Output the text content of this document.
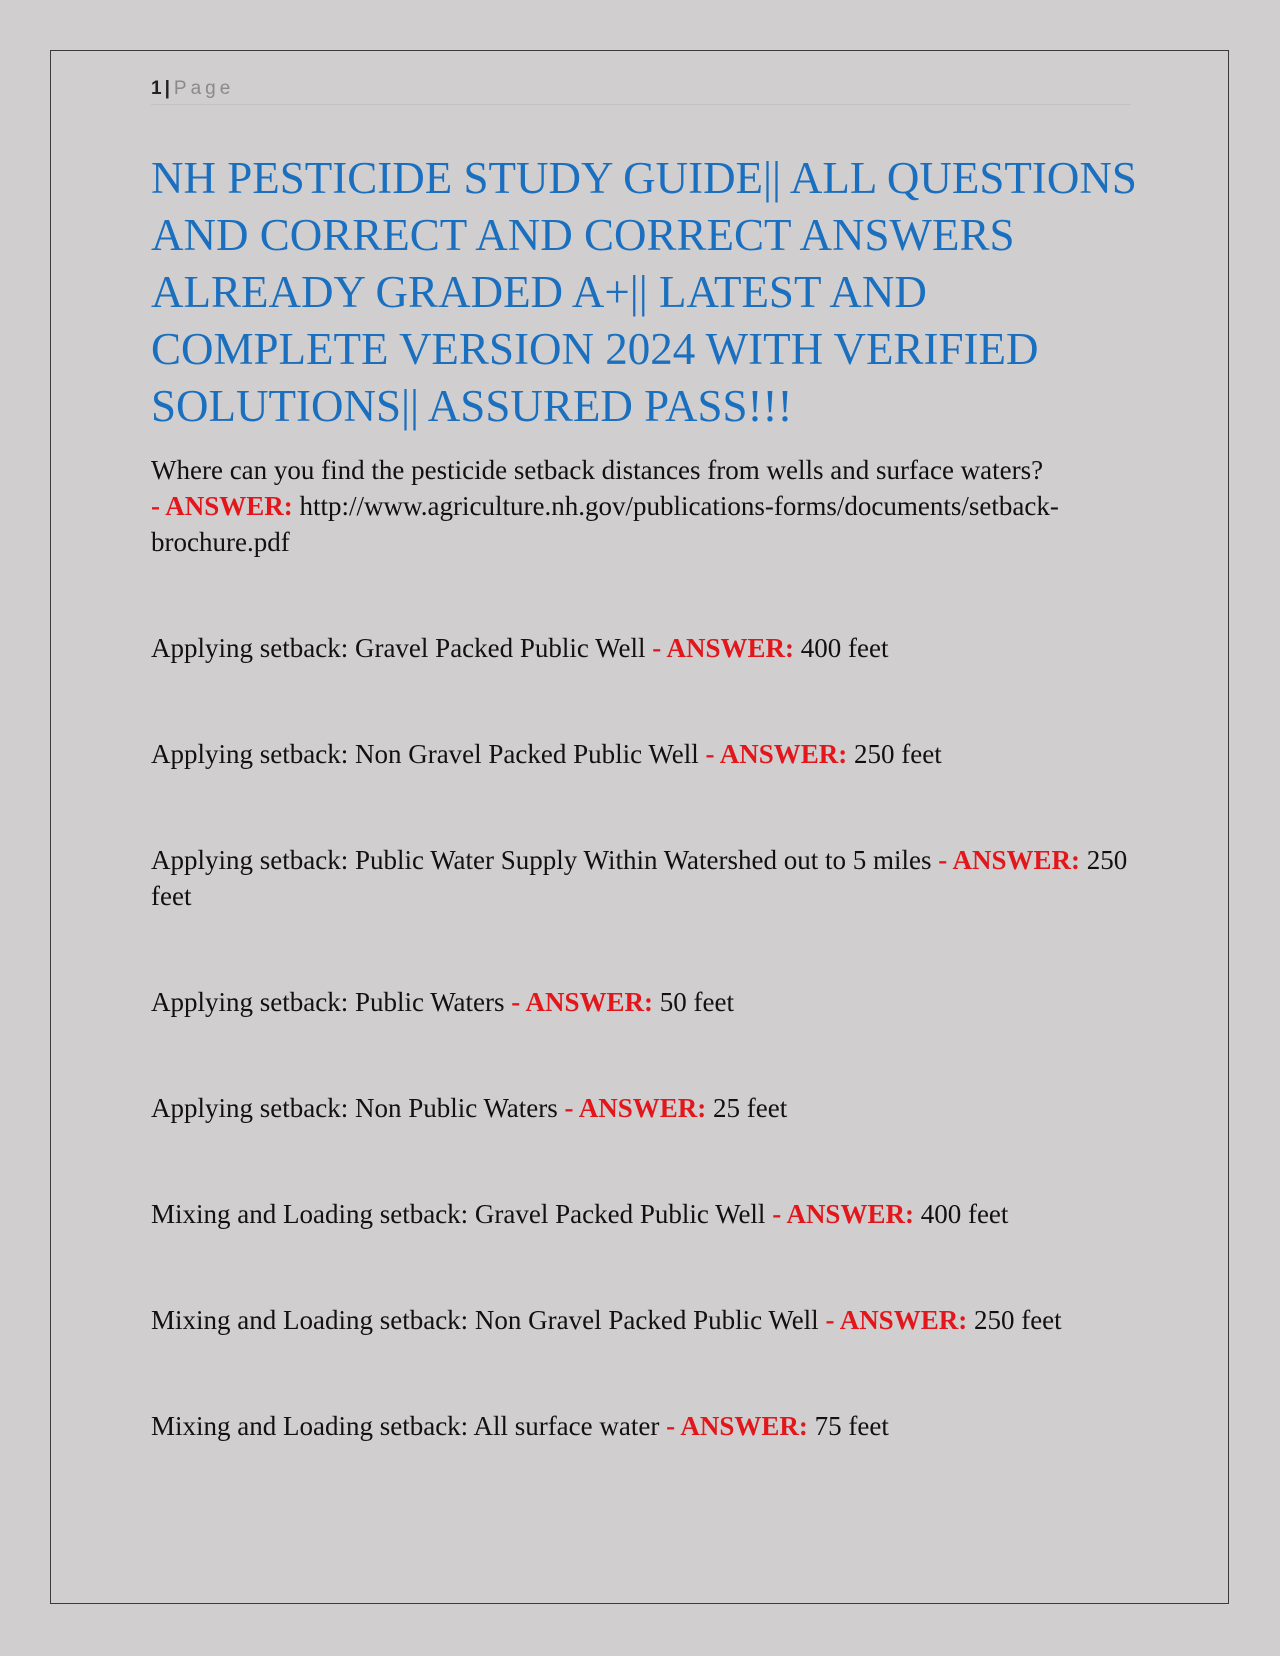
1 | Page
NH PESTICIDE STUDY GUIDE|| ALL QUESTIONS AND CORRECT AND CORRECT ANSWERS ALREADY GRADED A+|| LATEST AND COMPLETE VERSION 2024 WITH VERIFIED SOLUTIONS|| ASSURED PASS!!!

Where can you find the pesticide setback distances from wells and surface waters?
- ANSWER: http://www.agriculture.nh.gov/publications-forms/documents/setback-brochure.pdf

Applying setback: Gravel Packed Public Well - ANSWER: 400 feet

Applying setback: Non Gravel Packed Public Well - ANSWER: 250 feet

Applying setback: Public Water Supply Within Watershed out to 5 miles - ANSWER: 250 feet

Applying setback: Public Waters - ANSWER: 50 feet

Applying setback: Non Public Waters - ANSWER: 25 feet

Mixing and Loading setback: Gravel Packed Public Well - ANSWER: 400 feet

Mixing and Loading setback: Non Gravel Packed Public Well - ANSWER: 250 feet

Mixing and Loading setback: All surface water - ANSWER: 75 feet
